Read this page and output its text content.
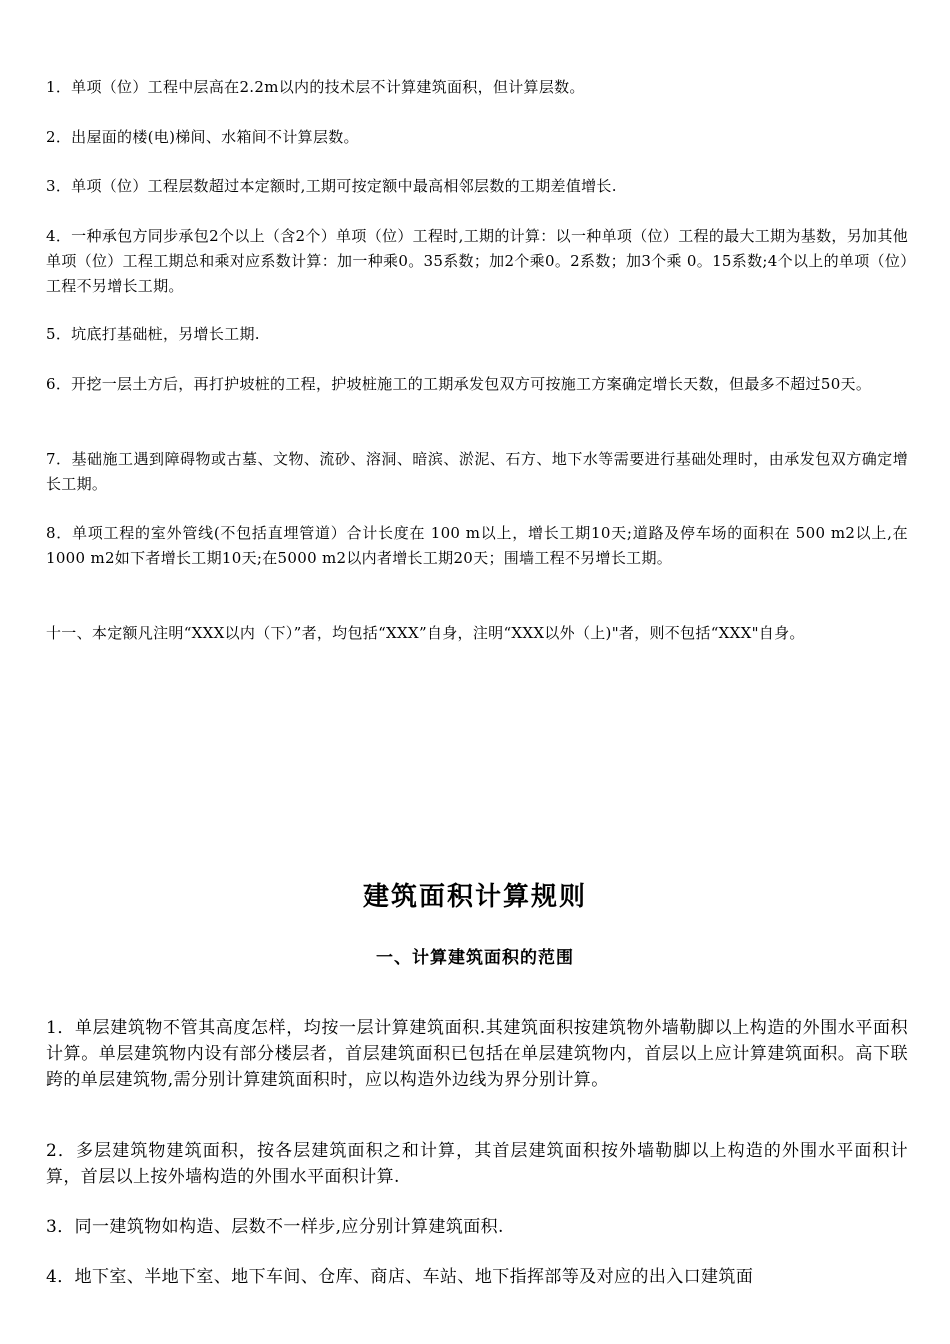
1．单项（位）工程中层高在2.2m以内的技术层不计算建筑面积，但计算层数。

2．出屋面的楼(电)梯间、水箱间不计算层数。

3．单项（位）工程层数超过本定额时,工期可按定额中最高相邻层数的工期差值增长.

4．一种承包方同步承包2个以上（含2个）单项（位）工程时,工期的计算：以一种单项（位）工程的最大工期为基数，另加其他单项（位）工程工期总和乘对应系数计算：加一种乘0。35系数；加2个乘0。2系数；加3个乘 0。15系数;4个以上的单项（位）工程不另增长工期。

5．坑底打基础桩，另增长工期.

6．开挖一层土方后，再打护坡桩的工程，护坡桩施工的工期承发包双方可按施工方案确定增长天数，但最多不超过50天。

7．基础施工遇到障碍物或古墓、文物、流砂、溶洞、暗滨、淤泥、石方、地下水等需要进行基础处理时，由承发包双方确定增长工期。

8．单项工程的室外管线(不包括直埋管道）合计长度在 100 m以上，增长工期10天;道路及停车场的面积在 500 m2以上,在1000 m2如下者增长工期10天;在5000 m2以内者增长工期20天；围墙工程不另增长工期。

十一、本定额凡注明“XXX以内（下）”者，均包括“XXX”自身，注明“XXX以外（上)"者，则不包括“XXX"自身。

建筑面积计算规则
一、计算建筑面积的范围

1．单层建筑物不管其高度怎样，均按一层计算建筑面积.其建筑面积按建筑物外墙勒脚以上构造的外围水平面积计算。单层建筑物内设有部分楼层者，首层建筑面积已包括在单层建筑物内，首层以上应计算建筑面积。高下联跨的单层建筑物,需分别计算建筑面积时，应以构造外边线为界分别计算。

2．多层建筑物建筑面积，按各层建筑面积之和计算，其首层建筑面积按外墙勒脚以上构造的外围水平面积计算，首层以上按外墙构造的外围水平面积计算.

3．同一建筑物如构造、层数不一样步,应分别计算建筑面积.

4．地下室、半地下室、地下车间、仓库、商店、车站、地下指挥部等及对应的出入口建筑面
